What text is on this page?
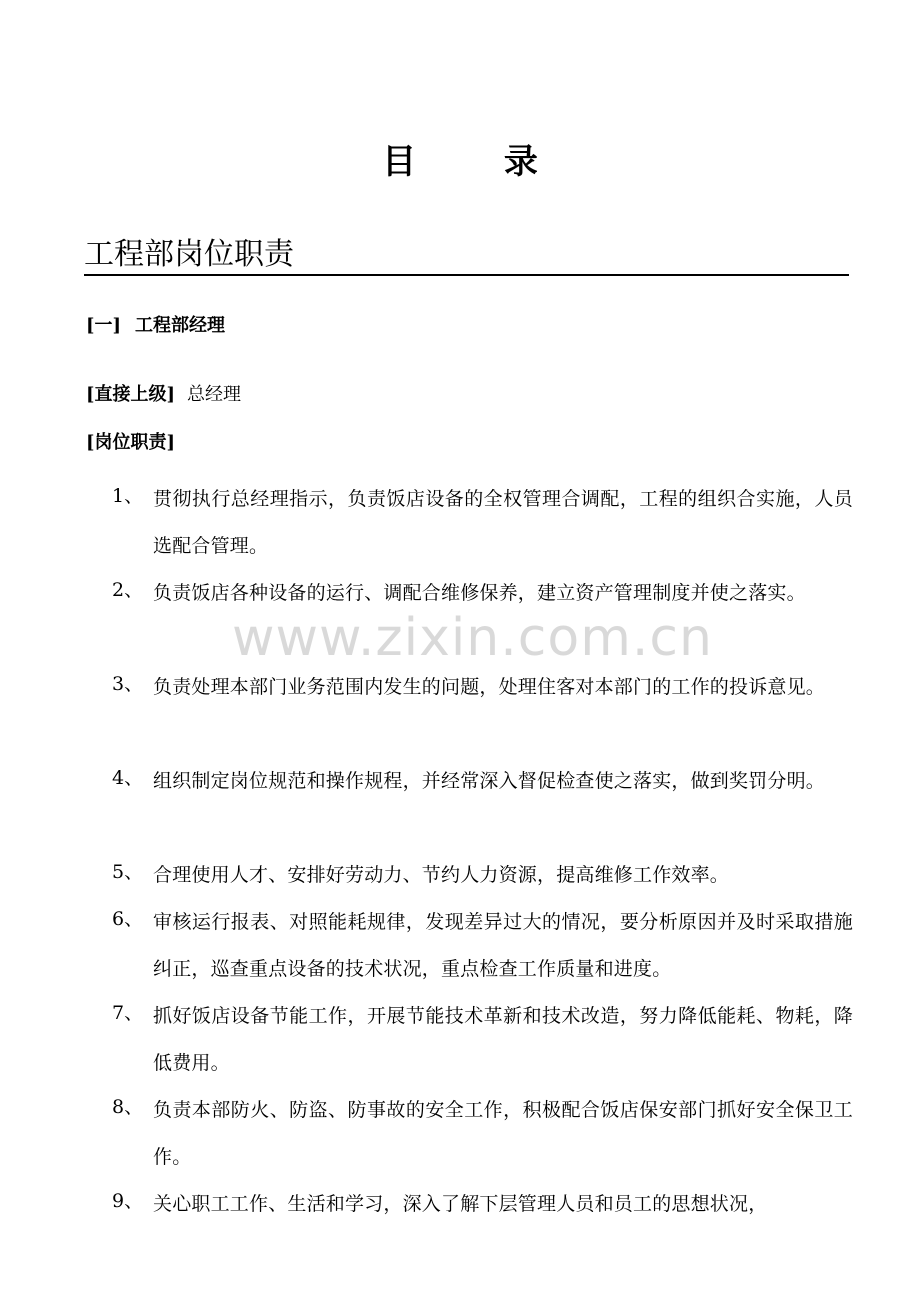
目 录
工程部岗位职责
[一] 工程部经理
[直接上级] 总经理
[岗位职责]
1、 贯彻执行总经理指示，负责饭店设备的全权管理合调配，工程的组织合实施，人员选配合管理。
2、 负责饭店各种设备的运行、调配合维修保养，建立资产管理制度并使之落实。
3、 负责处理本部门业务范围内发生的问题，处理住客对本部门的工作的投诉意见。
4、 组织制定岗位规范和操作规程，并经常深入督促检查使之落实，做到奖罚分明。
5、 合理使用人才、安排好劳动力、节约人力资源，提高维修工作效率。
6、 审核运行报表、对照能耗规律，发现差异过大的情况，要分析原因并及时采取措施纠正，巡查重点设备的技术状况，重点检查工作质量和进度。
7、 抓好饭店设备节能工作，开展节能技术革新和技术改造，努力降低能耗、物耗，降低费用。
8、 负责本部防火、防盗、防事故的安全工作，积极配合饭店保安部门抓好安全保卫工作。
9、 关心职工工作、生活和学习，深入了解下层管理人员和员工的思想状况，
www.zixin.com.cn
